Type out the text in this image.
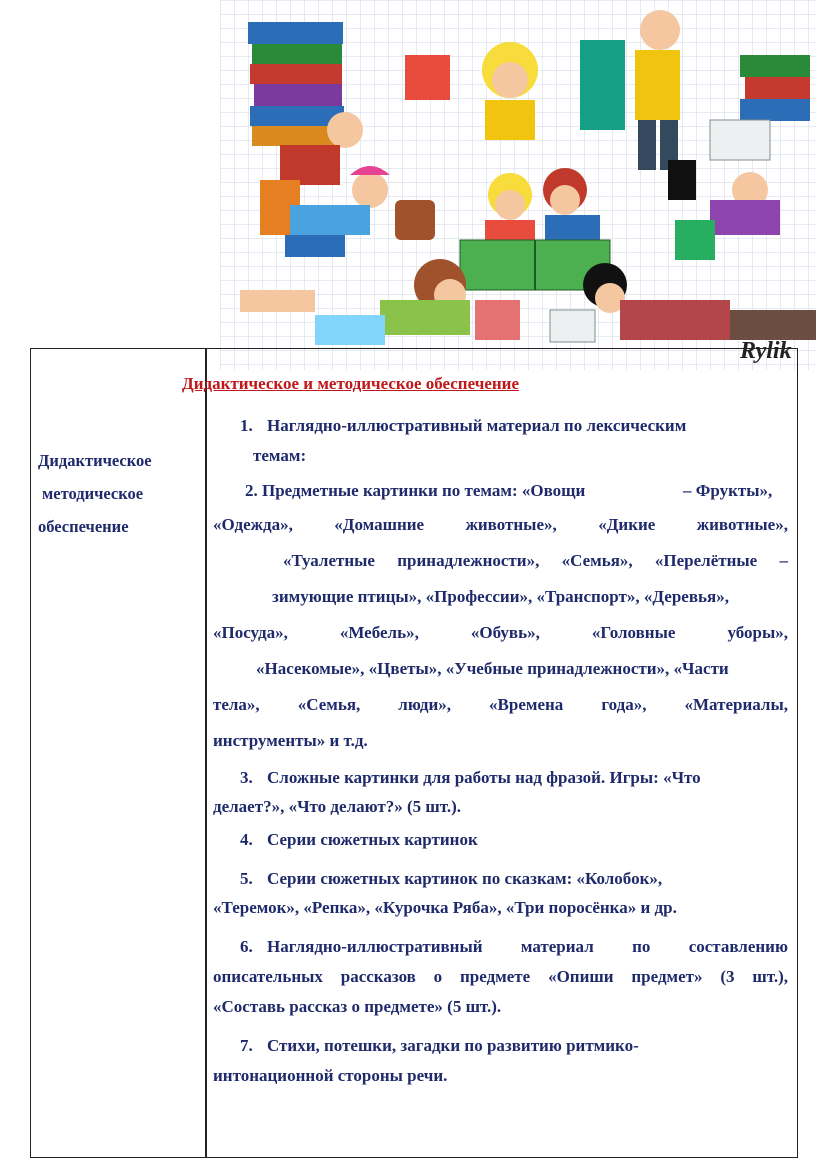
Rylik
Дидактическое
методическое
обеспечение
Дидактическое и методическое обеспечение
1. Наглядно-иллюстративный материал по лексическим
темам:
2. Предметные картинки по темам: «Овощи	– Фрукты»,
«Одежда», «Домашние животные», «Дикие животные»,
«Туалетные принадлежности», «Семья», «Перелётные –
зимующие птицы», «Профессии», «Транспорт», «Деревья»,
«Посуда»,	«Мебель»,	«Обувь»,	«Головные	уборы»,
«Насекомые», «Цветы», «Учебные принадлежности», «Части
тела», «Семья, люди», «Времена года», «Материалы,
инструменты» и т.д.
3. Сложные картинки для работы над фразой. Игры: «Что
делает?», «Что делают?» (5 шт.).
4. Серии сюжетных картинок
5. Серии сюжетных картинок по сказкам: «Колобок»,
«Теремок», «Репка», «Курочка Ряба», «Три поросёнка» и др.
6. Наглядно-иллюстративный материал по составлению
описательных рассказов о предмете «Опиши предмет» (3 шт.),
«Составь рассказ о предмете» (5 шт.).
7. Стихи, потешки, загадки по развитию ритмико-
интонационной стороны речи.
